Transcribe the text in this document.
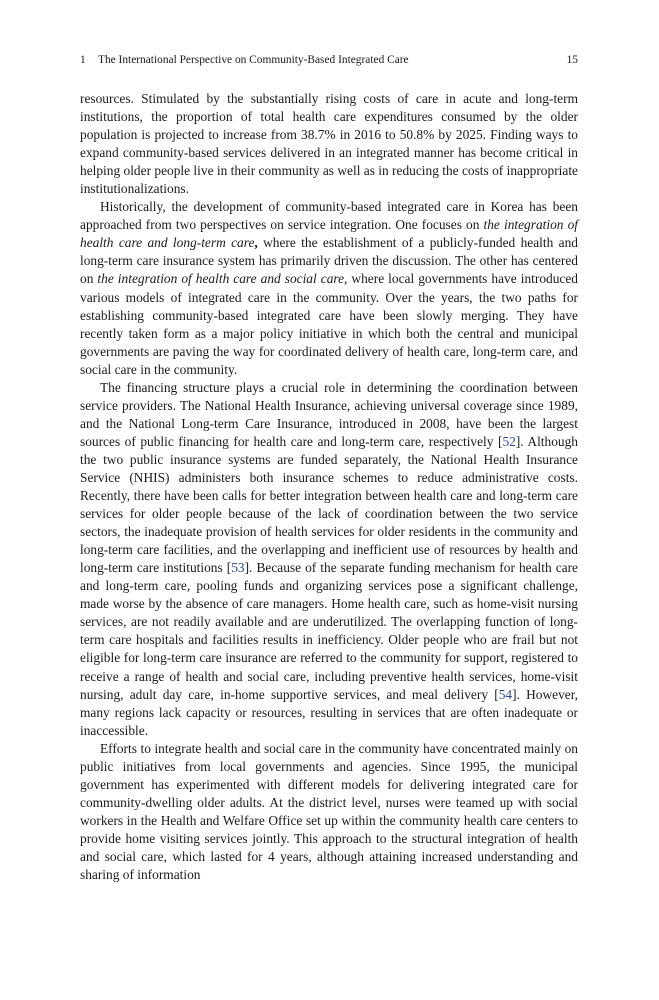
1 The International Perspective on Community-Based Integrated Care	15

resources. Stimulated by the substantially rising costs of care in acute and long-term institutions, the proportion of total health care expenditures consumed by the older population is projected to increase from 38.7% in 2016 to 50.8% by 2025. Finding ways to expand community-based services delivered in an integrated manner has become critical in helping older people live in their community as well as in reducing the costs of inappropriate institutionalizations.

Historically, the development of community-based integrated care in Korea has been approached from two perspectives on service integration. One focuses on the integration of health care and long-term care, where the establishment of a publicly-funded health and long-term care insurance system has primarily driven the discussion. The other has centered on the integration of health care and social care, where local governments have introduced various models of integrated care in the community. Over the years, the two paths for establishing community-based integrated care have been slowly merging. They have recently taken form as a major policy initiative in which both the central and municipal governments are paving the way for coordinated delivery of health care, long-term care, and social care in the community.

The financing structure plays a crucial role in determining the coordination between service providers. The National Health Insurance, achieving universal coverage since 1989, and the National Long-term Care Insurance, introduced in 2008, have been the largest sources of public financing for health care and long-term care, respectively [52]. Although the two public insurance systems are funded separately, the National Health Insurance Service (NHIS) administers both insurance schemes to reduce administrative costs. Recently, there have been calls for better integration between health care and long-term care services for older people because of the lack of coordination between the two service sectors, the inadequate provision of health services for older residents in the community and long-term care facilities, and the overlapping and inefficient use of resources by health and long-term care institutions [53]. Because of the separate funding mechanism for health care and long-term care, pooling funds and organizing services pose a significant challenge, made worse by the absence of care managers. Home health care, such as home-visit nursing services, are not readily available and are underutilized. The overlapping function of long-term care hospitals and facilities results in inefficiency. Older people who are frail but not eligible for long-term care insurance are referred to the community for support, registered to receive a range of health and social care, including preventive health services, home-visit nursing, adult day care, in-home supportive services, and meal delivery [54]. However, many regions lack capacity or resources, resulting in services that are often inadequate or inaccessible.

Efforts to integrate health and social care in the community have concentrated mainly on public initiatives from local governments and agencies. Since 1995, the municipal government has experimented with different models for delivering integrated care for community-dwelling older adults. At the district level, nurses were teamed up with social workers in the Health and Welfare Office set up within the community health care centers to provide home visiting services jointly. This approach to the structural integration of health and social care, which lasted for 4 years, although attaining increased understanding and sharing of information
